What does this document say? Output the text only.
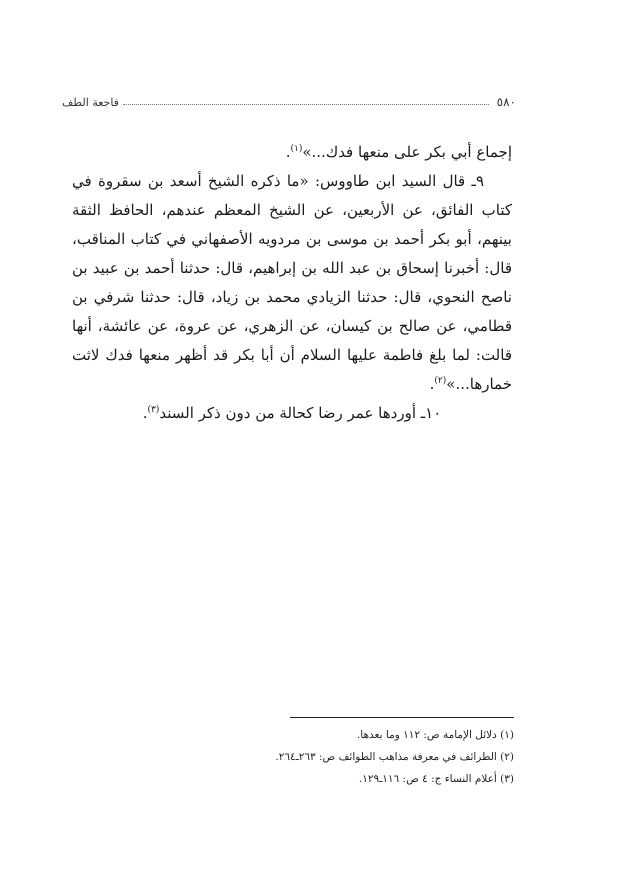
٥٨٠
فاجعة الطف

إجماع أبي بكر على منعها فدك...»$^{(١)}$.

٩ـ قال السيد ابن طاووس: «ما ذكره الشيخ أسعد بن سقروة في كتاب الفائق، عن الأربعين، عن الشيخ المعظم عندهم، الحافظ الثقة بينهم، أبو بكر أحمد بن موسى بن مردويه الأصفهاني في كتاب المناقب، قال: أخبرنا إسحاق بن عبد الله بن إبراهيم، قال: حدثنا أحمد بن عبيد بن ناصح النحوي، قال: حدثنا الزيادي محمد بن زياد، قال: حدثنا شرفي بن قطامي، عن صالح بن كيسان، عن الزهري، عن عروة، عن عائشة، أنها قالت: لما بلغ فاطمة عليها السلام أن أبا بكر قد أظهر منعها فدك لاثت خمارها...»$^{(٢)}$.

١٠ـ أوردها عمر رضا كحالة من دون ذكر السند$^{(٣)}$.

(١) دلائل الإمامة ص: ١١٢ وما بعدها.
(٢) الطرائف في معرفة مذاهب الطوائف ص: ٢٦٣ـ٢٦٤.
(٣) أعلام النساء ج: ٤ ص: ١١٦ـ١٢٩.
